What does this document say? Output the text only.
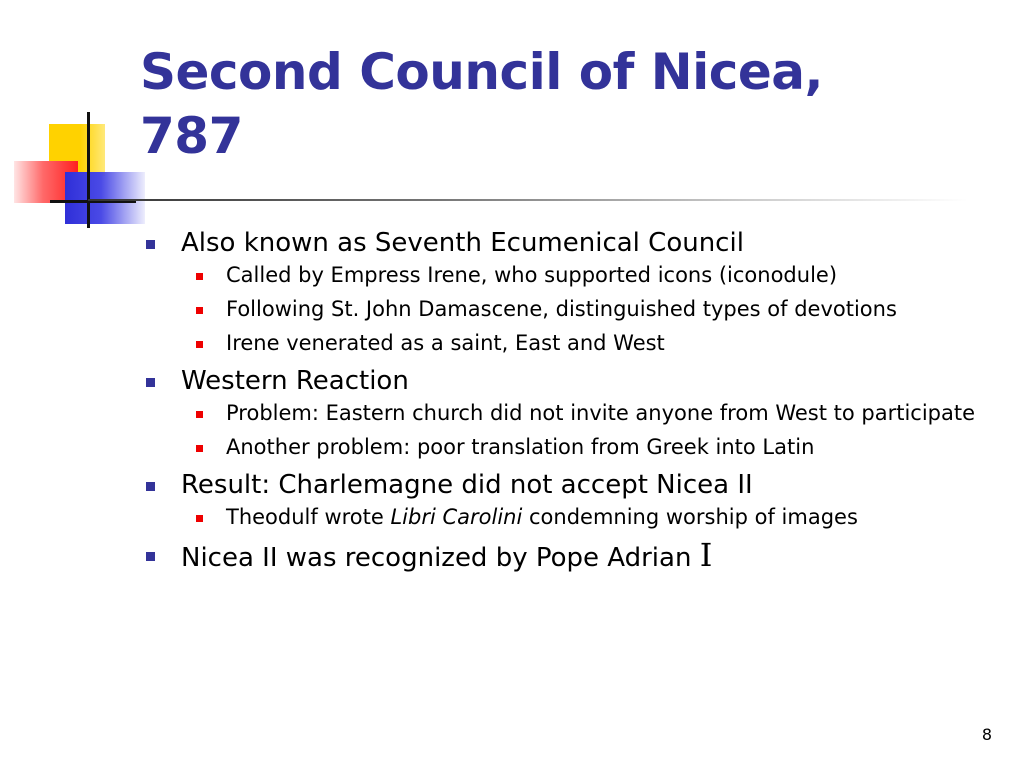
Second Council of Nicea,
787
Also known as Seventh Ecumenical Council
Called by Empress Irene, who supported icons (iconodule)
Following St. John Damascene, distinguished types of devotions
Irene venerated as a saint, East and West
Western Reaction
Problem: Eastern church did not invite anyone from West to participate
Another problem: poor translation from Greek into Latin
Result: Charlemagne did not accept Nicea II
Theodulf wrote Libri Carolini condemning worship of images
Nicea II was recognized by Pope Adrian I
8
